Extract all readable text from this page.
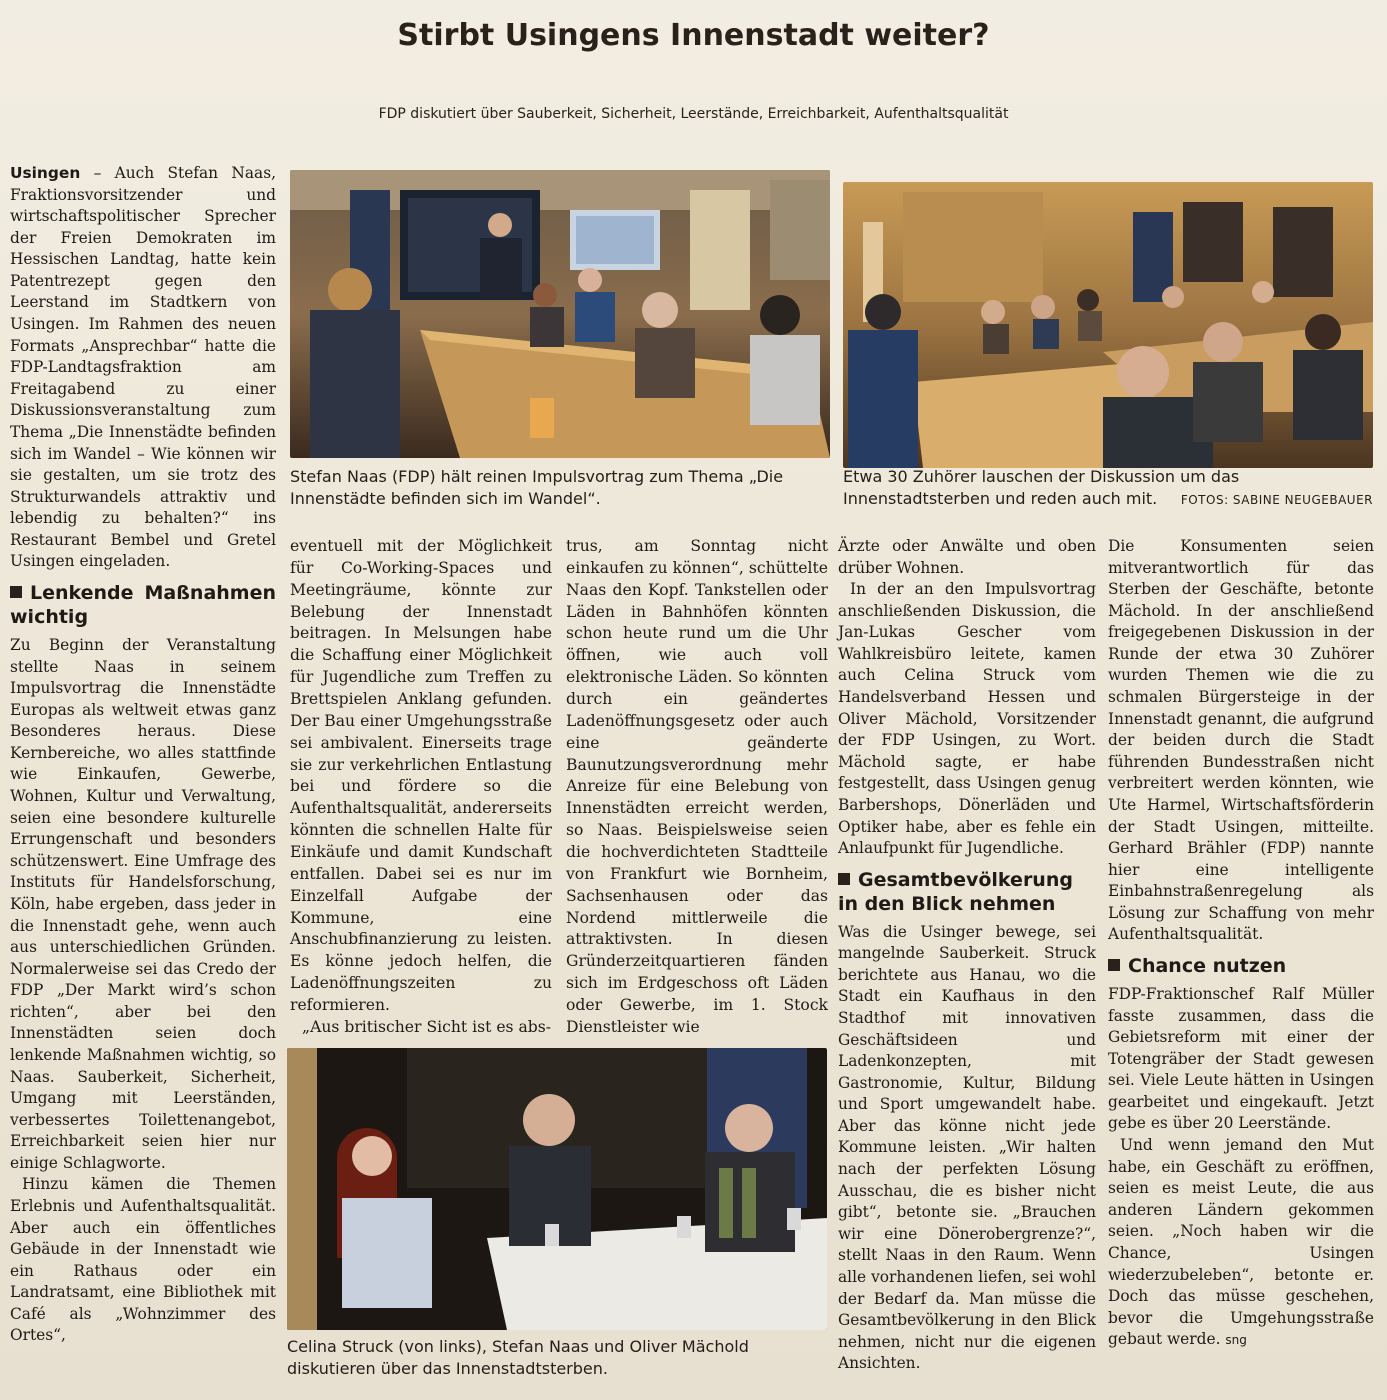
Stirbt Usingens Innenstadt weiter?
FDP diskutiert über Sauberkeit, Sicherheit, Leerstände, Erreichbarkeit, Aufenthaltsqualität
Stefan Naas (FDP) hält reinen Impulsvortrag zum Thema „Die Innenstädte befinden sich im Wandel“.
Etwa 30 Zuhörer lauschen der Diskussion um das Innenstadtsterben und reden auch mit. FOTOS: SABINE NEUGEBAUER
Celina Struck (von links), Stefan Naas und Oliver Mächold diskutieren über das Innenstadtsterben.

Usingen – Auch Stefan Naas, Fraktionsvorsitzender und wirtschaftspolitischer Sprecher der Freien Demokraten im Hessischen Landtag, hatte kein Patentrezept gegen den Leerstand im Stadtkern von Usingen. Im Rahmen des neuen Formats „Ansprechbar“ hatte die FDP-Landtagsfraktion am Freitagabend zu einer Diskussionsveranstaltung zum Thema „Die Innenstädte befinden sich im Wandel – Wie können wir sie gestalten, um sie trotz des Strukturwandels attraktiv und lebendig zu behalten?“ ins Restaurant Bembel und Gretel Usingen eingeladen.

Lenkende Maßnahmen wichtig

Zu Beginn der Veranstaltung stellte Naas in seinem Impulsvortrag die Innenstädte Europas als weltweit etwas ganz Besonderes heraus. Diese Kernbereiche, wo alles stattfinde wie Einkaufen, Gewerbe, Wohnen, Kultur und Verwaltung, seien eine besondere kulturelle Errungenschaft und besonders schützenswert. Eine Umfrage des Instituts für Handelsforschung, Köln, habe ergeben, dass jeder in die Innenstadt gehe, wenn auch aus unterschiedlichen Gründen. Normalerweise sei das Credo der FDP „Der Markt wird’s schon richten“, aber bei den Innenstädten seien doch lenkende Maßnahmen wichtig, so Naas. Sauberkeit, Sicherheit, Umgang mit Leerständen, verbessertes Toilettenangebot, Erreichbarkeit seien hier nur einige Schlagworte.

Hinzu kämen die Themen Erlebnis und Aufenthaltsqualität. Aber auch ein öffentliches Gebäude in der Innenstadt wie ein Rathaus oder ein Landratsamt, eine Bibliothek mit Café als „Wohnzimmer des Ortes“,

eventuell mit der Möglichkeit für Co-Working-Spaces und Meetingräume, könnte zur Belebung der Innenstadt beitragen. In Melsungen habe die Schaffung einer Möglichkeit für Jugendliche zum Treffen zu Brettspielen Anklang gefunden. Der Bau einer Umgehungsstraße sei ambivalent. Einerseits trage sie zur verkehrlichen Entlastung bei und fördere so die Aufenthaltsqualität, andererseits könnten die schnellen Halte für Einkäufe und damit Kundschaft entfallen. Dabei sei es nur im Einzelfall Aufgabe der Kommune, eine Anschubfinanzierung zu leisten. Es könne jedoch helfen, die Ladenöffnungszeiten zu reformieren.

„Aus britischer Sicht ist es abs-

trus, am Sonntag nicht einkaufen zu können“, schüttelte Naas den Kopf. Tankstellen oder Läden in Bahnhöfen könnten schon heute rund um die Uhr öffnen, wie auch voll elektronische Läden. So könnten durch ein geändertes Ladenöffnungsgesetz oder auch eine geänderte Baunutzungsverordnung mehr Anreize für eine Belebung von Innenstädten erreicht werden, so Naas. Beispielsweise seien die hochverdichteten Stadtteile von Frankfurt wie Bornheim, Sachsenhausen oder das Nordend mittlerweile die attraktivsten. In diesen Gründerzeitquartieren fänden sich im Erdgeschoss oft Läden oder Gewerbe, im 1. Stock Dienstleister wie

Ärzte oder Anwälte und oben drüber Wohnen.

In der an den Impulsvortrag anschließenden Diskussion, die Jan-Lukas Gescher vom Wahlkreisbüro leitete, kamen auch Celina Struck vom Handelsverband Hessen und Oliver Mächold, Vorsitzender der FDP Usingen, zu Wort. Mächold sagte, er habe festgestellt, dass Usingen genug Barbershops, Dönerläden und Optiker habe, aber es fehle ein Anlaufpunkt für Jugendliche.

Gesamtbevölkerung in den Blick nehmen

Was die Usinger bewege, sei mangelnde Sauberkeit. Struck berichtete aus Hanau, wo die Stadt ein Kaufhaus in den Stadthof mit innovativen Geschäftsideen und Ladenkonzepten, mit Gastronomie, Kultur, Bildung und Sport umgewandelt habe. Aber das könne nicht jede Kommune leisten. „Wir halten nach der perfekten Lösung Ausschau, die es bisher nicht gibt“, betonte sie. „Brauchen wir eine Dönerobergrenze?“, stellt Naas in den Raum. Wenn alle vorhandenen liefen, sei wohl der Bedarf da. Man müsse die Gesamtbevölkerung in den Blick nehmen, nicht nur die eigenen Ansichten.

Die Konsumenten seien mitverantwortlich für das Sterben der Geschäfte, betonte Mächold. In der anschließend freigegebenen Diskussion in der Runde der etwa 30 Zuhörer wurden Themen wie die zu schmalen Bürgersteige in der Innenstadt genannt, die aufgrund der beiden durch die Stadt führenden Bundesstraßen nicht verbreitert werden könnten, wie Ute Harmel, Wirtschaftsförderin der Stadt Usingen, mitteilte. Gerhard Brähler (FDP) nannte hier eine intelligente Einbahnstraßenregelung als Lösung zur Schaffung von mehr Aufenthaltsqualität.

Chance nutzen

FDP-Fraktionschef Ralf Müller fasste zusammen, dass die Gebietsreform mit einer der Totengräber der Stadt gewesen sei. Viele Leute hätten in Usingen gearbeitet und eingekauft. Jetzt gebe es über 20 Leerstände.

Und wenn jemand den Mut habe, ein Geschäft zu eröffnen, seien es meist Leute, die aus anderen Ländern gekommen seien. „Noch haben wir die Chance, Usingen wiederzubeleben“, betonte er. Doch das müsse geschehen, bevor die Umgehungsstraße gebaut werde. sng
